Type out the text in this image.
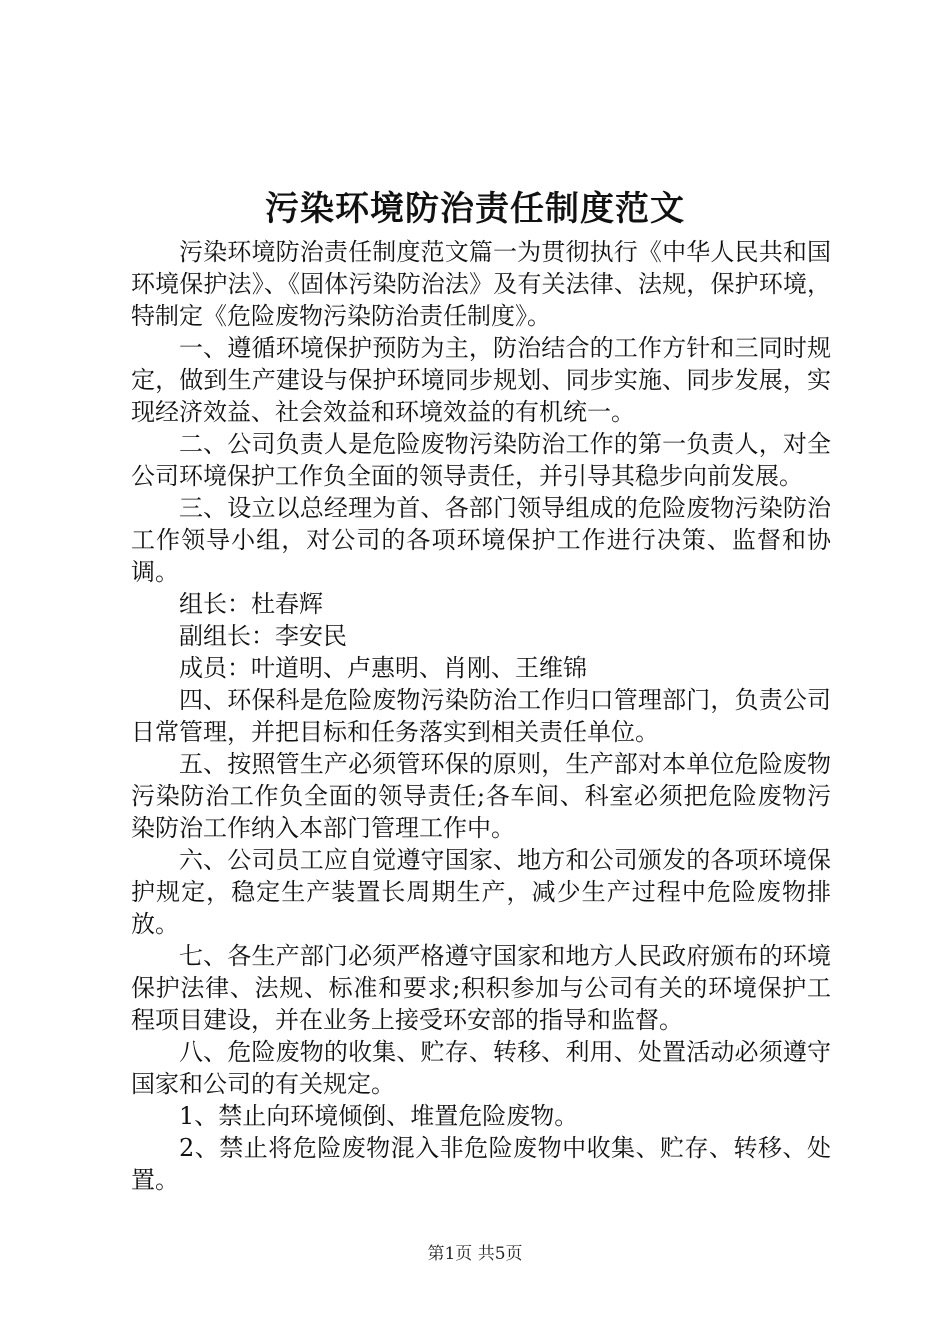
污染环境防治责任制度范文

污染环境防治责任制度范文篇一为贯彻执行《中华人民共和国环境保护法》、《固体污染防治法》及有关法律、法规，保护环境，特制定《危险废物污染防治责任制度》。

一、遵循环境保护预防为主，防治结合的工作方针和三同时规定，做到生产建设与保护环境同步规划、同步实施、同步发展，实现经济效益、社会效益和环境效益的有机统一。

二、公司负责人是危险废物污染防治工作的第一负责人，对全公司环境保护工作负全面的领导责任，并引导其稳步向前发展。

三、设立以总经理为首、各部门领导组成的危险废物污染防治工作领导小组，对公司的各项环境保护工作进行决策、监督和协调。

组长：杜春辉

副组长：李安民

成员：叶道明、卢惠明、肖刚、王维锦

四、环保科是危险废物污染防治工作归口管理部门，负责公司日常管理，并把目标和任务落实到相关责任单位。

五、按照管生产必须管环保的原则，生产部对本单位危险废物污染防治工作负全面的领导责任;各车间、科室必须把危险废物污染防治工作纳入本部门管理工作中。

六、公司员工应自觉遵守国家、地方和公司颁发的各项环境保护规定，稳定生产装置长周期生产，减少生产过程中危险废物排放。

七、各生产部门必须严格遵守国家和地方人民政府颁布的环境保护法律、法规、标准和要求;积积参加与公司有关的环境保护工程项目建设，并在业务上接受环安部的指导和监督。

八、危险废物的收集、贮存、转移、利用、处置活动必须遵守国家和公司的有关规定。

1、禁止向环境倾倒、堆置危险废物。

2、禁止将危险废物混入非危险废物中收集、贮存、转移、处置。

第1页 共5页
